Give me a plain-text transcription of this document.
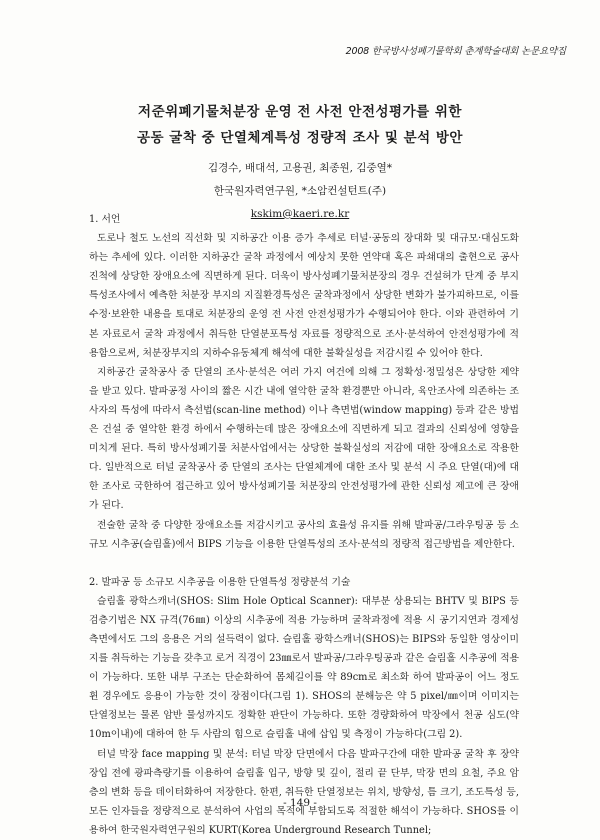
2008 한국방사성폐기물학회 춘계학술대회 논문요약집
저준위폐기물처분장 운영 전 사전 안전성평가를 위한
공동 굴착 중 단열체계특성 정량적 조사 및 분석 방안
김경수, 배대석, 고용권, 최종원, 김중열*
한국원자력연구원, *소암컨설턴트(주)
kskim@kaeri.re.kr

1. 서언

도로나 철도 노선의 직선화 및 지하공간 이용 증가 추세로 터널·공동의 장대화 및 대규모·대심도화 하는 추세에 있다. 이러한 지하공간 굴착 과정에서 예상치 못한 연약대 혹은 파쇄대의 출현으로 공사 진척에 상당한 장애요소에 직면하게 된다. 더욱이 방사성폐기물처분장의 경우 건설허가 단계 중 부지특성조사에서 예측한 처분장 부지의 지질환경특성은 굴착과정에서 상당한 변화가 불가피하므로, 이를 수정·보완한 내용을 토대로 처분장의 운영 전 사전 안전성평가가 수행되어야 한다. 이와 관련하여 기본 자료로서 굴착 과정에서 취득한 단열분포특성 자료를 정량적으로 조사·분석하여 안전성평가에 적용함으로써, 처분장부지의 지하수유동체계 해석에 대한 불확실성을 저감시킬 수 있어야 한다.

지하공간 굴착공사 중 단열의 조사·분석은 여러 가지 여건에 의해 그 정확성·정밀성은 상당한 제약을 받고 있다. 발파공정 사이의 짧은 시간 내에 열악한 굴착 환경뿐만 아니라, 육안조사에 의존하는 조사자의 특성에 따라서 측선법(scan-line method) 이나 측면법(window mapping) 등과 같은 방법은 건설 중 열악한 환경 하에서 수행하는데 많은 장애요소에 직면하게 되고 결과의 신뢰성에 영향을 미치게 된다. 특히 방사성폐기물 처분사업에서는 상당한 불확실성의 저감에 대한 장애요소로 작용한다. 일반적으로 터널 굴착공사 중 단열의 조사는 단열체계에 대한 조사 및 분석 시 주요 단열(대)에 대한 조사로 국한하여 접근하고 있어 방사성폐기물 처분장의 안전성평가에 관한 신뢰성 제고에 큰 장애가 된다.

전술한 굴착 중 다양한 장애요소를 저감시키고 공사의 효율성 유지를 위해 발파공/그라우팅공 등 소규모 시추공(슬림홀)에서 BIPS 기능을 이용한 단열특성의 조사·분석의 정량적 접근방법을 제안한다.

2. 발파공 등 소규모 시추공을 이용한 단열특성 정량분석 기술

슬림홀 광학스캐너(SHOS: Slim Hole Optical Scanner): 대부분 상용되는 BHTV 및 BIPS 등 검층기법은 NX 규격(76㎜) 이상의 시추공에 적용 가능하며 굴착과정에 적용 시 공기지연과 경제성 측면에서도 그의 응용은 거의 설득력이 없다. 슬림홀 광학스캐너(SHOS)는 BIPS와 동일한 영상이미지를 취득하는 기능을 갖추고 로거 직경이 23㎜로서 발파공/그라우팅공과 같은 슬림홀 시추공에 적용이 가능하다. 또한 내부 구조는 단순화하여 몸체길이를 약 89cm로 최소화 하여 발파공이 어느 정도 휜 경우에도 응용이 가능한 것이 장점이다(그림 1). SHOS의 분해능은 약 5 pixel/㎜이며 이미지는 단열정보는 물론 암반 물성까지도 정확한 판단이 가능하다. 또한 경량화하여 막장에서 천공 심도(약 10m이내)에 대하여 한 두 사람의 힘으로 슬림홀 내에 삽입 및 측정이 가능하다(그림 2).

터널 막장 face mapping 및 분석: 터널 막장 단면에서 다음 발파구간에 대한 발파공 굴착 후 장약 장입 전에 광파측량기를 이용하여 슬림홀 입구, 방향 및 깊이, 절리 끝 단부, 막장 면의 요철, 주요 암층의 변화 등을 데이터화하여 저장한다. 한편, 취득한 단열정보는 위치, 방향성, 틈 크기, 조도특성 등, 모든 인자들을 정량적으로 분석하여 사업의 목적에 부합되도록 적절한 해석이 가능하다. SHOS를 이용하여 한국원자력연구원의 KURT(Korea Underground Research Tunnel;

- 149 -
